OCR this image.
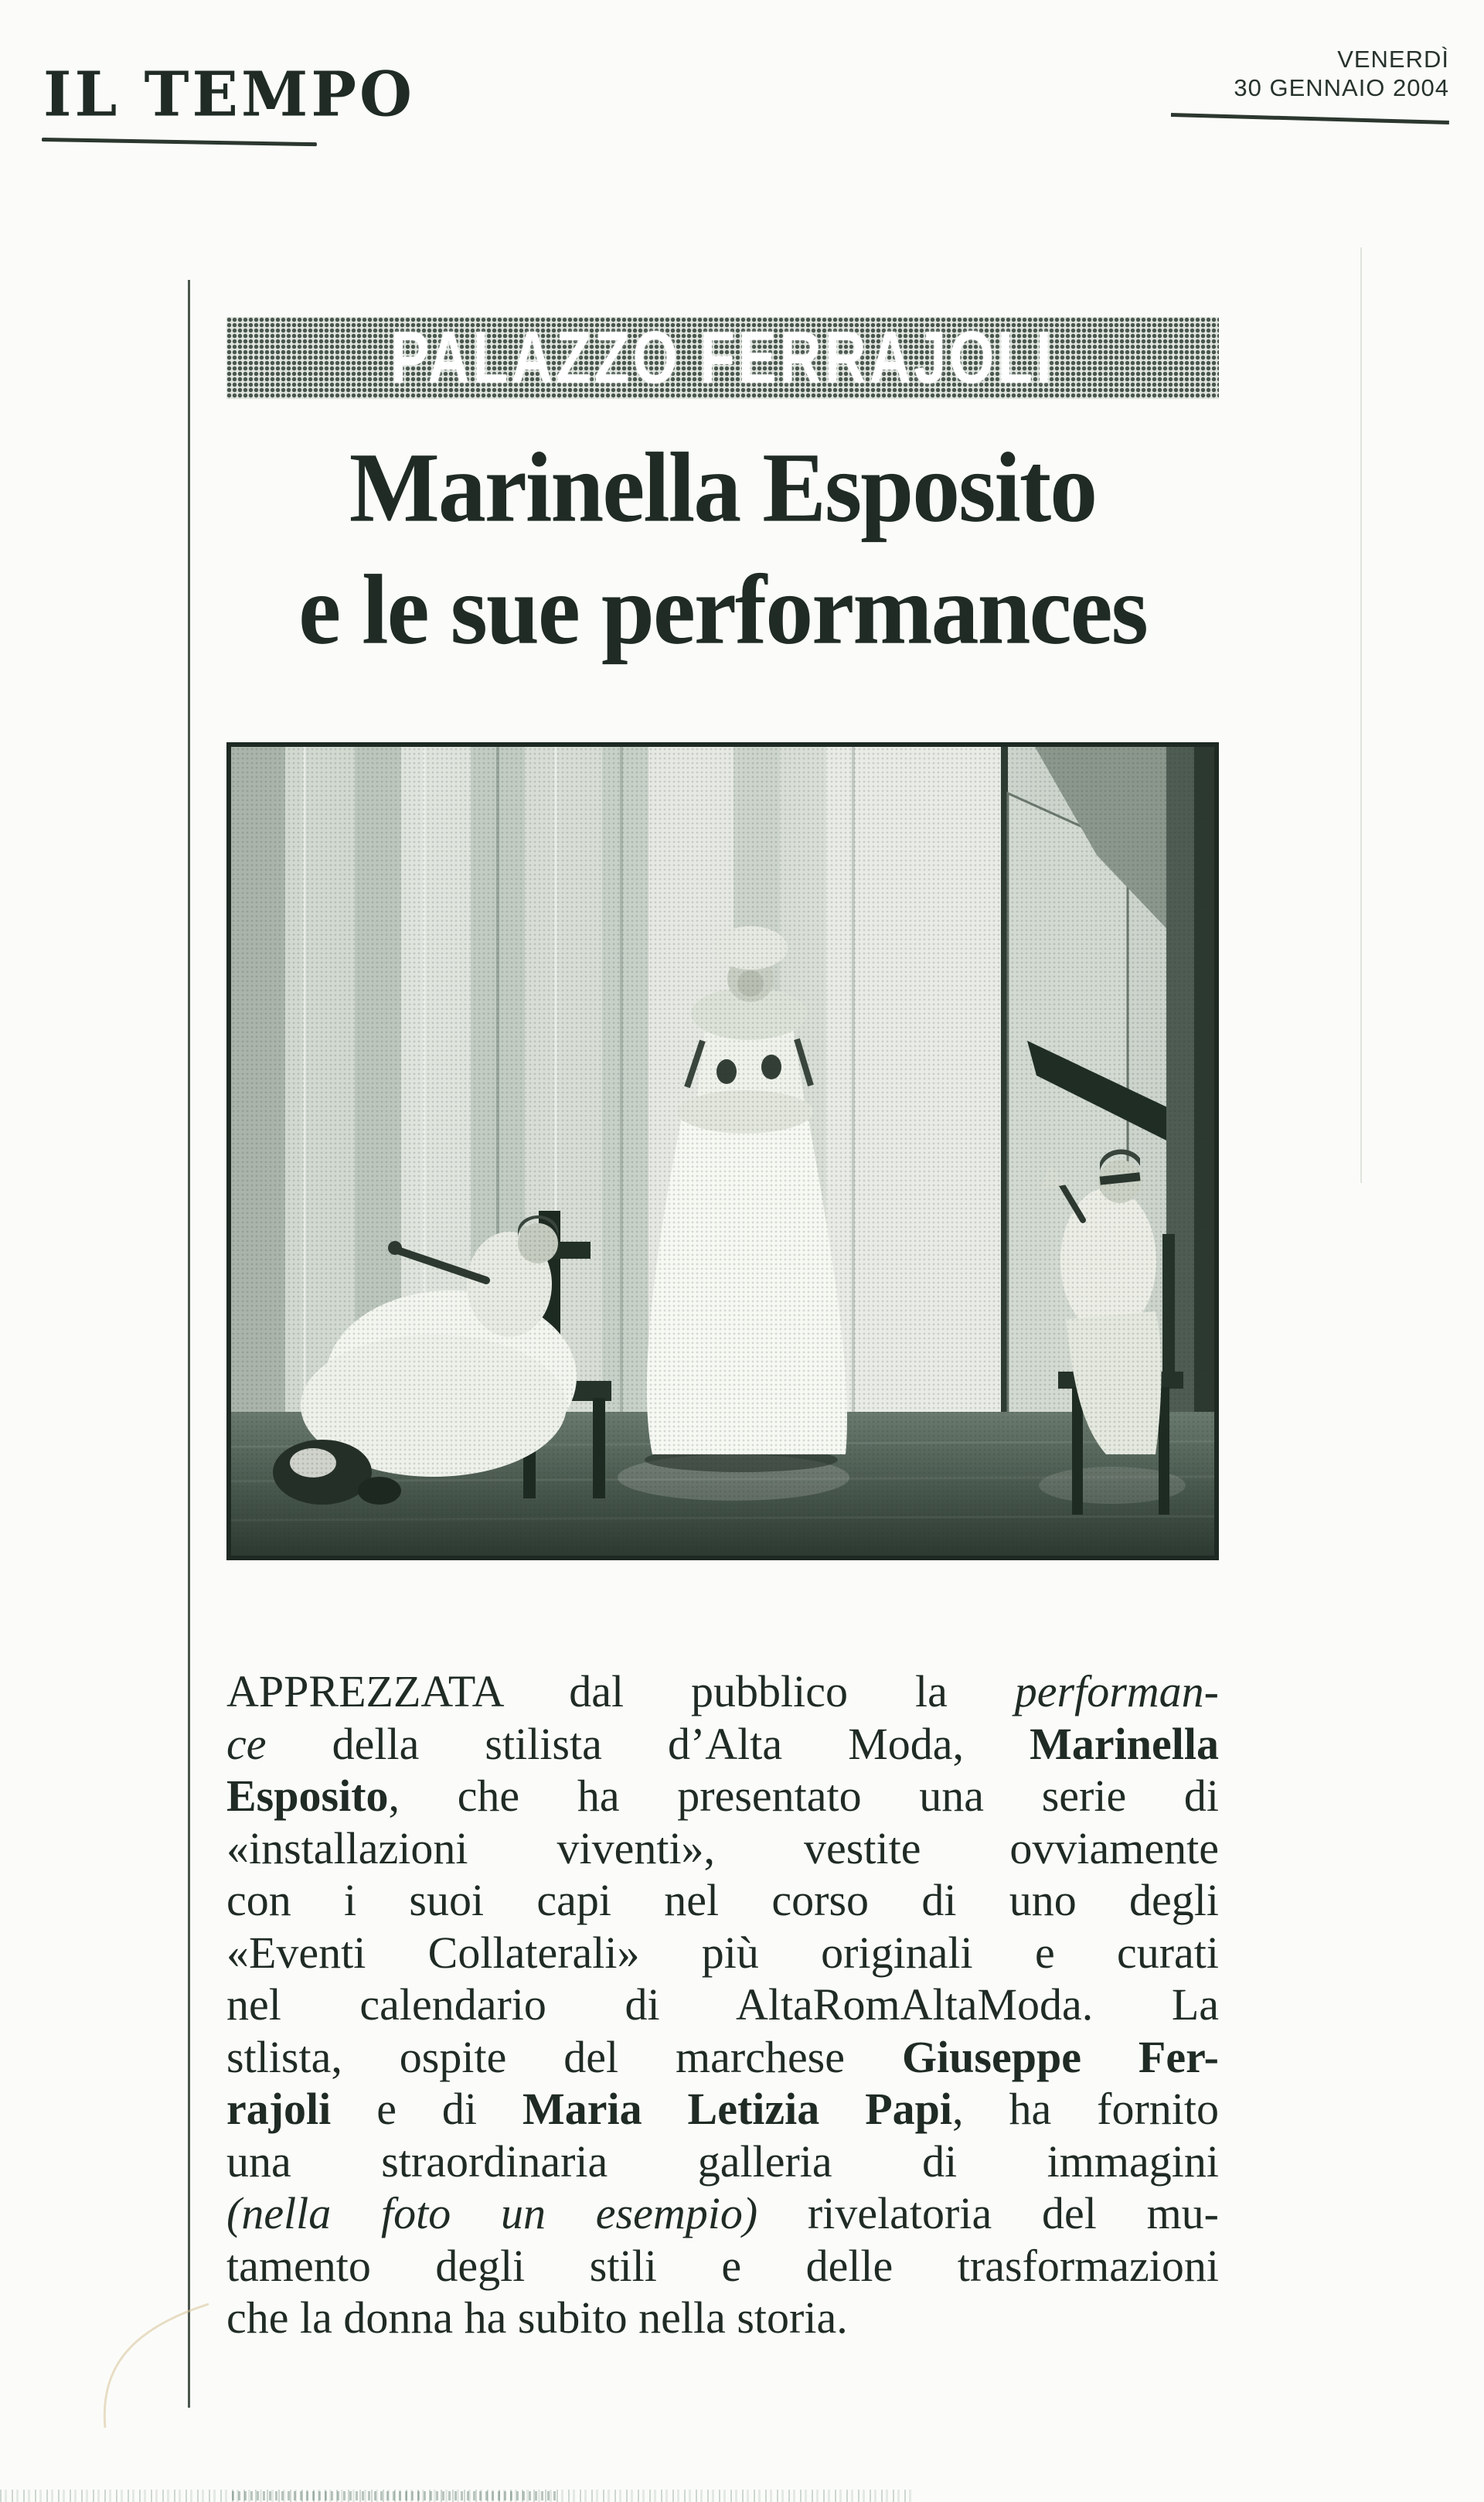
IL TEMPO	VENERDÌ
30 GENNAIO 2004
PALAZZO FERRAJOLI
Marinella Esposito
e le sue performances
APPREZZATA dal pubblico la performan-
ce della stilista d’Alta Moda, Marinella
Esposito, che ha presentato una serie di
«installazioni viventi», vestite ovviamente
con i suoi capi nel corso di uno degli
«Eventi Collaterali» più originali e curati
nel calendario di AltaRomAltaModa. La
stlista, ospite del marchese Giuseppe Fer-
rajoli e di Maria Letizia Papi, ha fornito
una straordinaria galleria di immagini
(nella foto un esempio) rivelatoria del mu-
tamento degli stili e delle trasformazioni
che la donna ha subito nella storia.
